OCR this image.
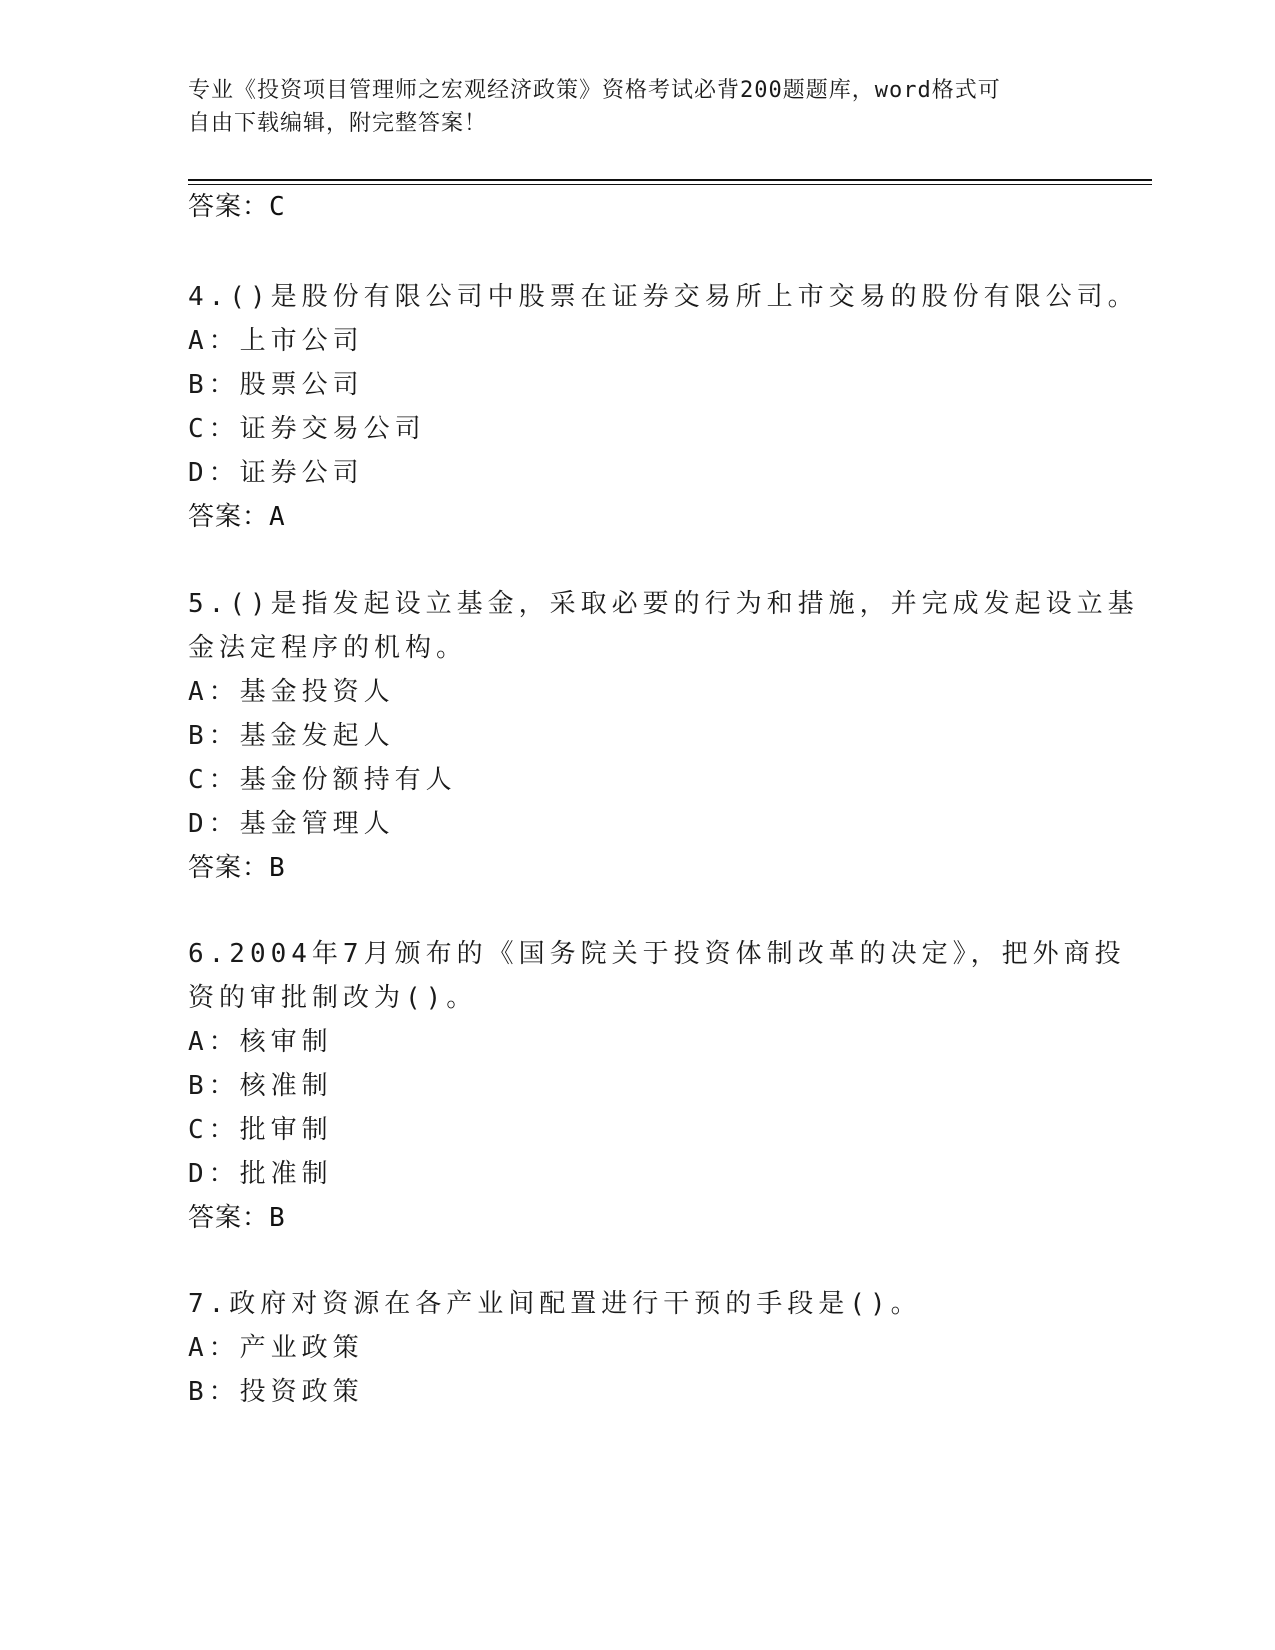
专业《投资项目管理师之宏观经济政策》资格考试必背200题题库，word格式可
自由下载编辑，附完整答案！
答案：C
4.()是股份有限公司中股票在证券交易所上市交易的股份有限公司。
A：上市公司
B：股票公司
C：证券交易公司
D：证券公司
答案：A
5.()是指发起设立基金，采取必要的行为和措施，并完成发起设立基
金法定程序的机构。
A：基金投资人
B：基金发起人
C：基金份额持有人
D：基金管理人
答案：B
6.2004年7月颁布的《国务院关于投资体制改革的决定》，把外商投
资的审批制改为()。
A：核审制
B：核准制
C：批审制
D：批准制
答案：B
7.政府对资源在各产业间配置进行干预的手段是()。
A：产业政策
B：投资政策
